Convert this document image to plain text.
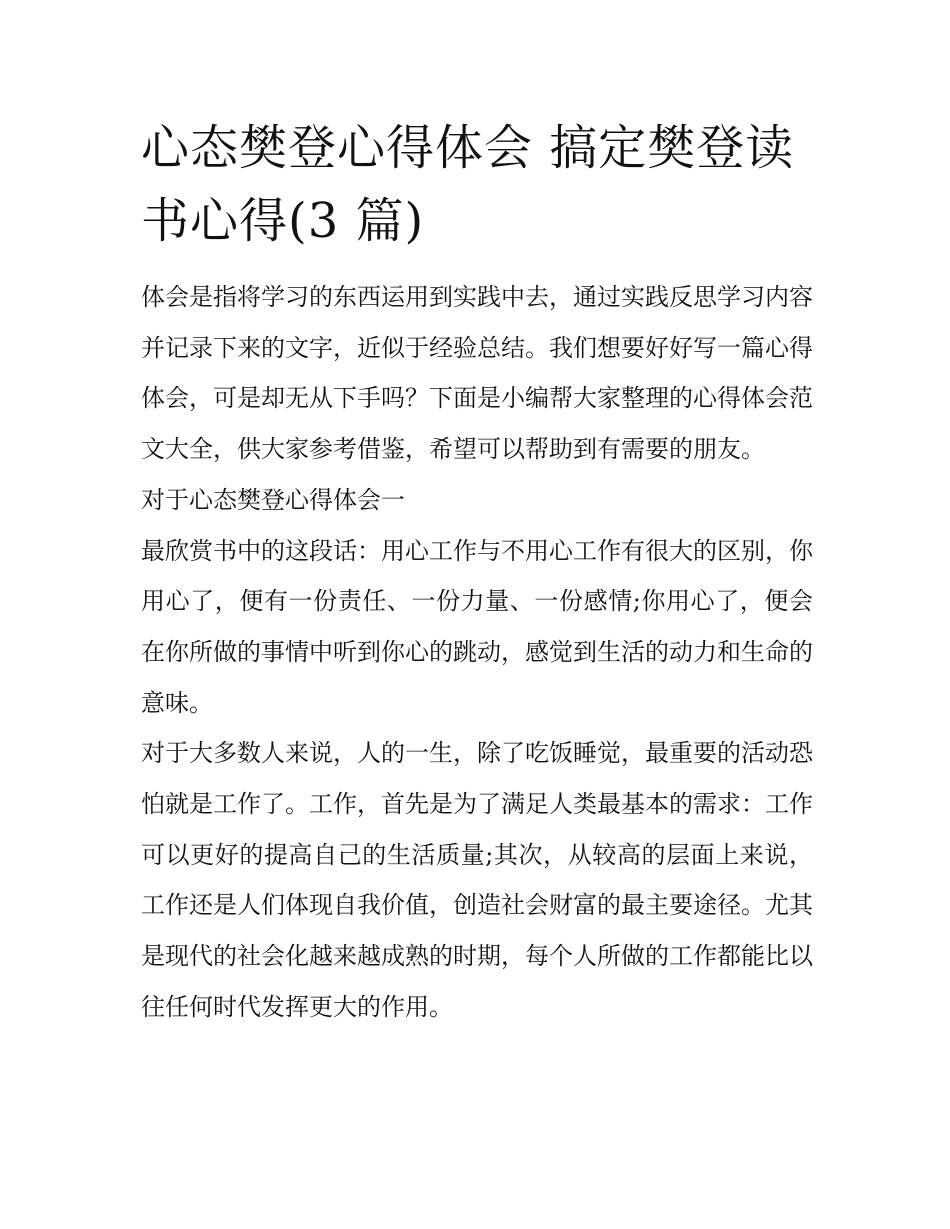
心态樊登心得体会 搞定樊登读书心得(3 篇)

体会是指将学习的东西运用到实践中去，通过实践反思学习内容并记录下来的文字，近似于经验总结。我们想要好好写一篇心得体会，可是却无从下手吗？下面是小编帮大家整理的心得体会范文大全，供大家参考借鉴，希望可以帮助到有需要的朋友。

对于心态樊登心得体会一

最欣赏书中的这段话：用心工作与不用心工作有很大的区别，你用心了，便有一份责任、一份力量、一份感情;你用心了，便会在你所做的事情中听到你心的跳动，感觉到生活的动力和生命的意味。

对于大多数人来说，人的一生，除了吃饭睡觉，最重要的活动恐怕就是工作了。工作，首先是为了满足人类最基本的需求：工作可以更好的提高自己的生活质量;其次，从较高的层面上来说，工作还是人们体现自我价值，创造社会财富的最主要途径。尤其是现代的社会化越来越成熟的时期，每个人所做的工作都能比以往任何时代发挥更大的作用。
